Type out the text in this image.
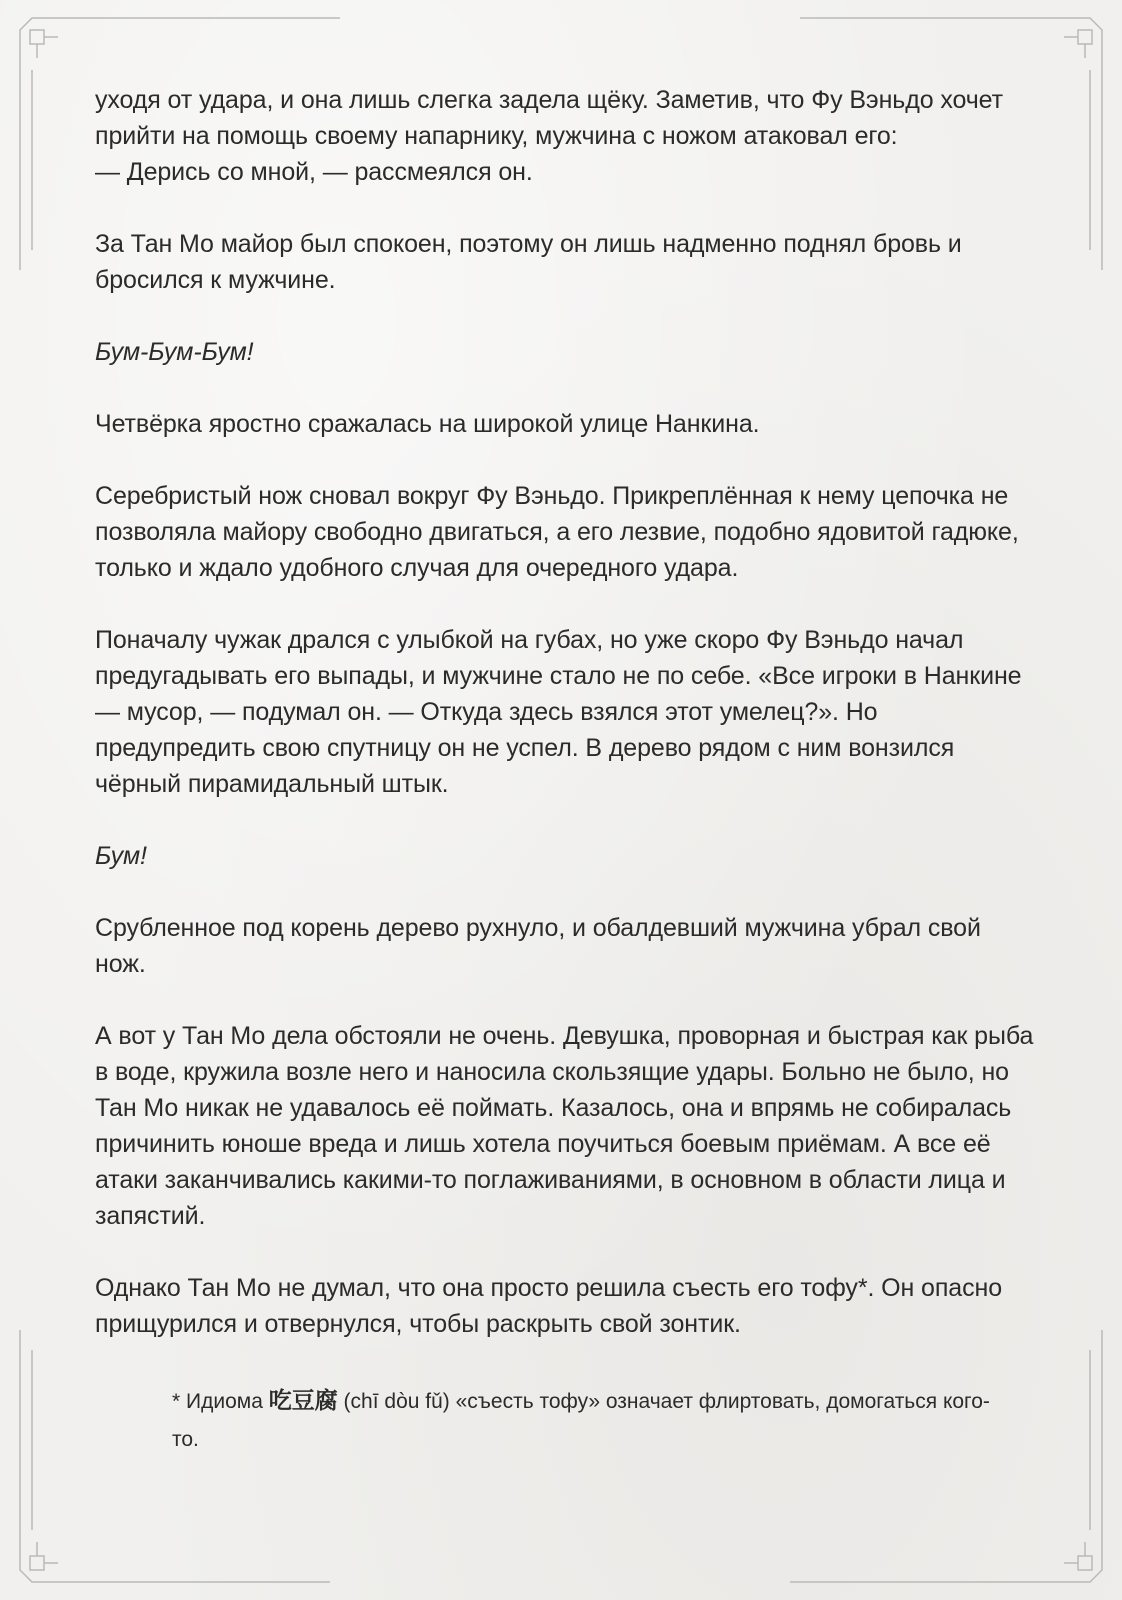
уходя от удара, и она лишь слегка задела щёку. Заметив, что Фу Вэньдо хочет прийти на помощь своему напарнику, мужчина с ножом атаковал его:

— Дерись со мной, — рассмеялся он.

За Тан Мо майор был спокоен, поэтому он лишь надменно поднял бровь и бросился к мужчине.

Бум-Бум-Бум!

Четвёрка яростно сражалась на широкой улице Нанкина.

Серебристый нож сновал вокруг Фу Вэньдо. Прикреплённая к нему цепочка не позволяла майору свободно двигаться, а его лезвие, подобно ядовитой гадюке, только и ждало удобного случая для очередного удара.

Поначалу чужак дрался с улыбкой на губах, но уже скоро Фу Вэньдо начал предугадывать его выпады, и мужчине стало не по себе. «Все игроки в Нанкине — мусор, — подумал он. — Откуда здесь взялся этот умелец?». Но предупредить свою спутницу он не успел. В дерево рядом с ним вонзился чёрный пирамидальный штык.

Бум!

Срубленное под корень дерево рухнуло, и обалдевший мужчина убрал свой нож.

А вот у Тан Мо дела обстояли не очень. Девушка, проворная и быстрая как рыба в воде, кружила возле него и наносила скользящие удары. Больно не было, но Тан Мо никак не удавалось её поймать. Казалось, она и впрямь не собиралась причинить юноше вреда и лишь хотела поучиться боевым приёмам. А все её атаки заканчивались какими-то поглаживаниями, в основном в области лица и запястий.

Однако Тан Мо не думал, что она просто решила съесть его тофу*. Он опасно прищурился и отвернулся, чтобы раскрыть свой зонтик.

* Идиома 吃豆腐 (chī dòu fǔ) «съесть тофу» означает флиртовать, домогаться кого-то.
